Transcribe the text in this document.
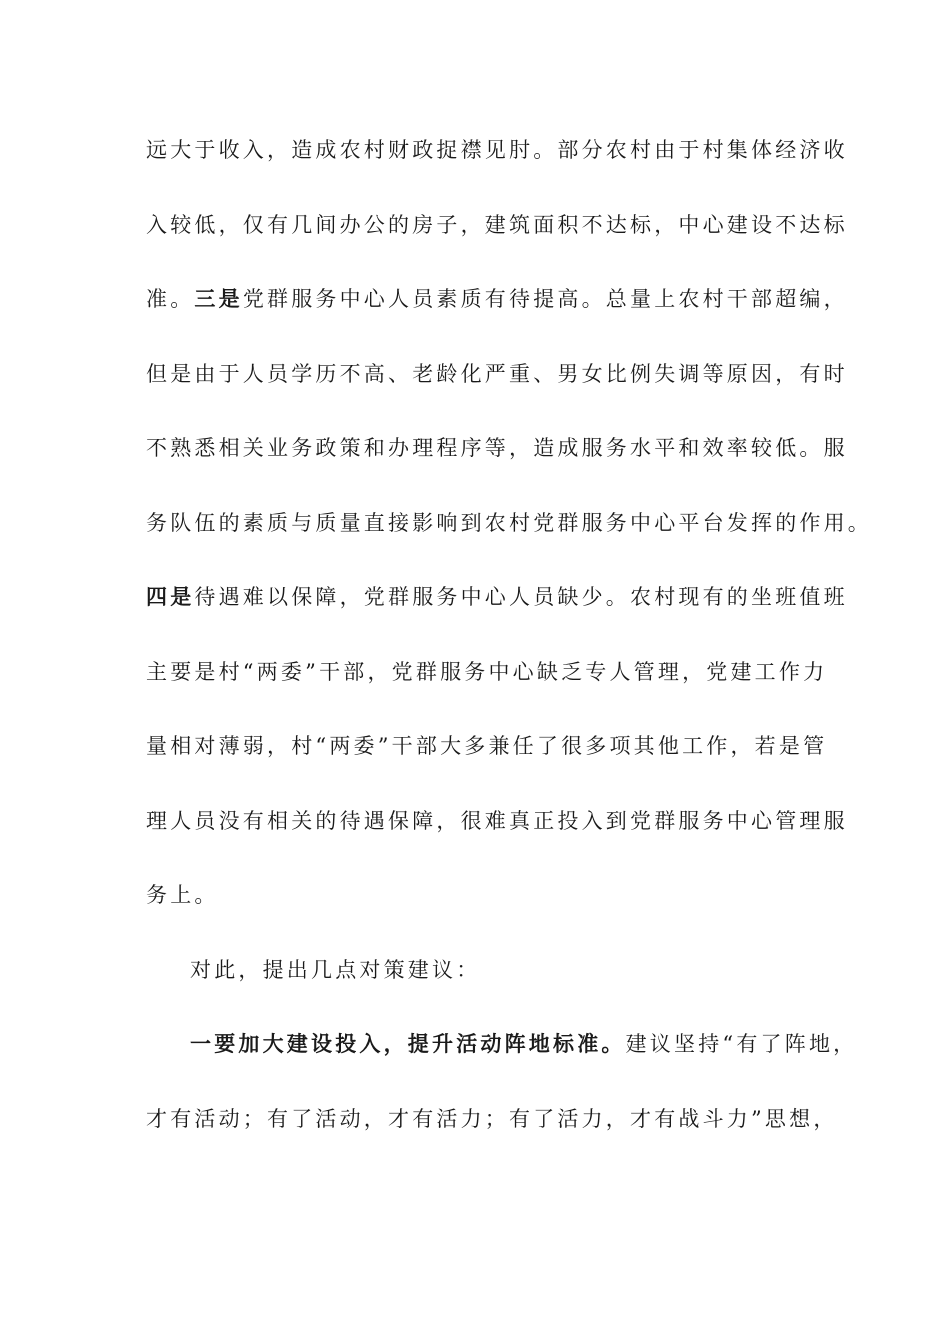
远大于收入，造成农村财政捉襟见肘。部分农村由于村集体经济收
入较低，仅有几间办公的房子，建筑面积不达标，中心建设不达标
准。三是党群服务中心人员素质有待提高。总量上农村干部超编，
但是由于人员学历不高、老龄化严重、男女比例失调等原因，有时
不熟悉相关业务政策和办理程序等，造成服务水平和效率较低。服
务队伍的素质与质量直接影响到农村党群服务中心平台发挥的作用。
四是待遇难以保障，党群服务中心人员缺少。农村现有的坐班值班
主要是村“两委”干部，党群服务中心缺乏专人管理，党建工作力
量相对薄弱，村“两委”干部大多兼任了很多项其他工作，若是管
理人员没有相关的待遇保障，很难真正投入到党群服务中心管理服
务上。
对此，提出几点对策建议：
一要加大建设投入，提升活动阵地标准。建议坚持“有了阵地，
才有活动；有了活动，才有活力；有了活力，才有战斗力”思想，
